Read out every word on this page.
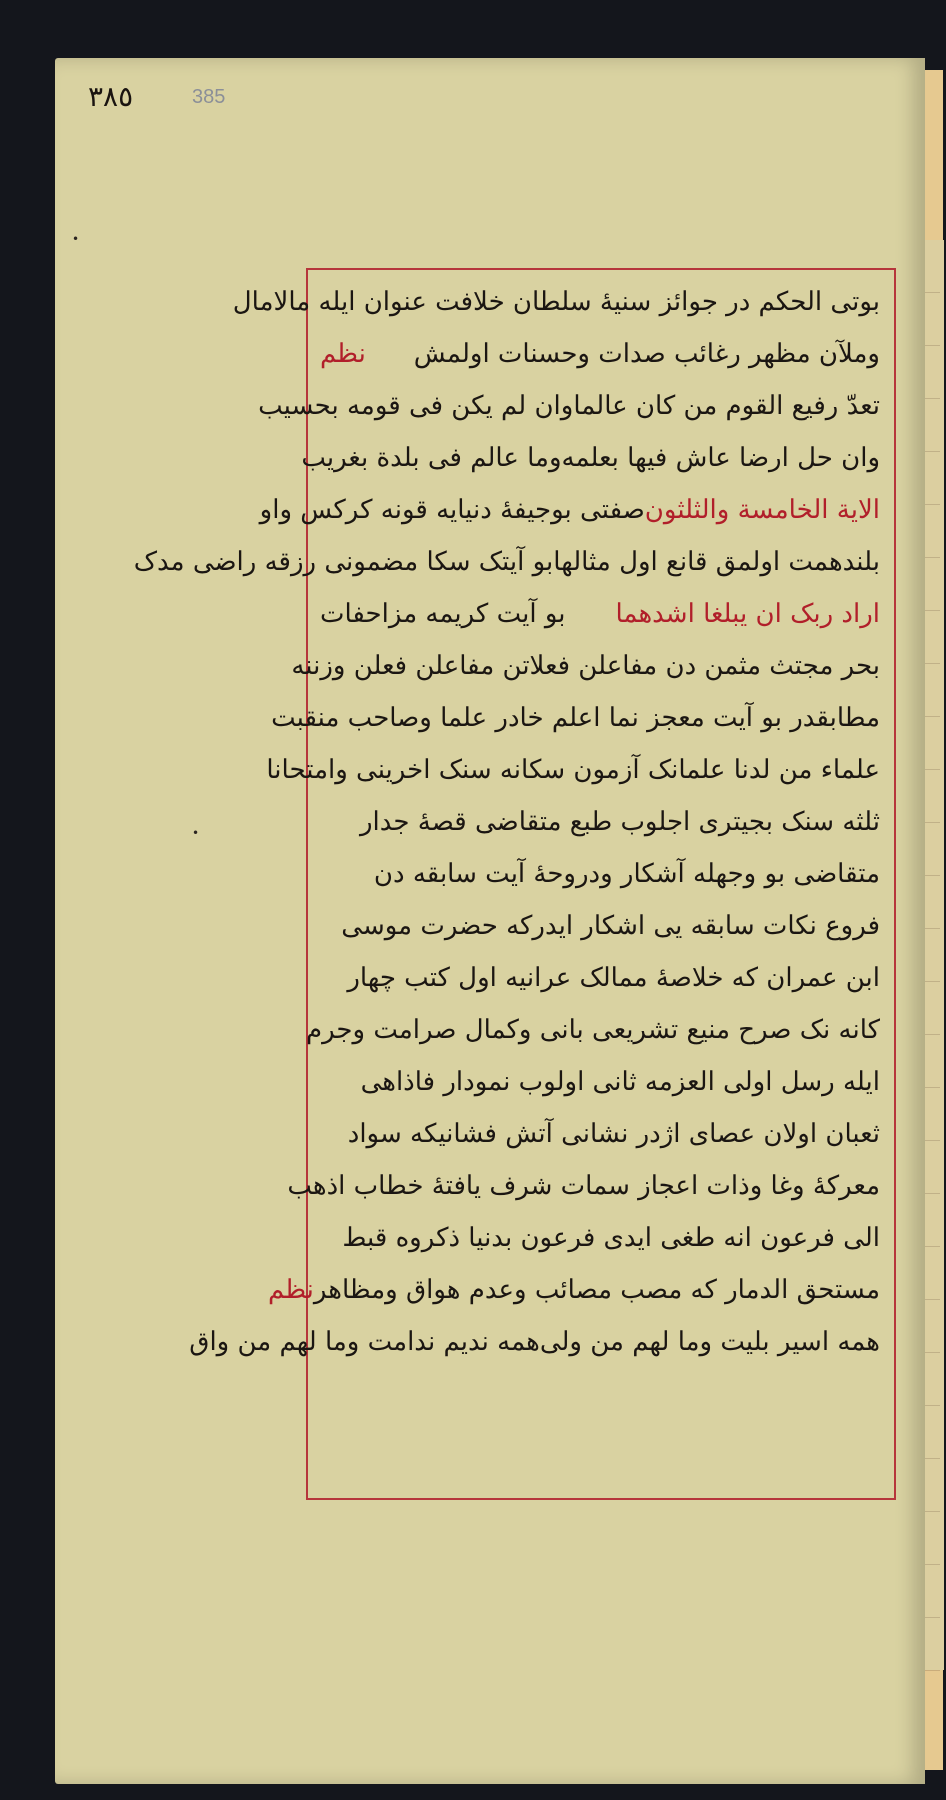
٣٨٥	385
•
•
بوتی الحکم در جوائز سنیهٔ سلطان خلافت عنوان ایله مالامال
وملآن مظهر رغائب صدات وحسنات اولمش
نظم
تعدّ رفیع القوم من کان عالما
وان لم یکن فی قومه بحسیب
وان حل ارضا عاش فیها بعلمه
وما عالم فی بلدة بغریب
الایة الخامسة والثلثون
صفتی بوجیفهٔ دنیایه قونه کرکس واو
بلندهمت اولمق قانع اول مثالها
بو آیتک سکا مضمونی رزقه راضی مدک
اراد ربک ان یبلغا اشدهما
بو آیت کریمه مزاحفات
بحر مجتث مثمن دن مفاعلن فعلاتن مفاعلن فعلن وزننه
مطابقدر بو آیت معجز نما اعلم خادر علما وصاحب منقبت
علماء من لدنا علمانک آزمون سکانه سنک اخرینی وامتحانا
ثلثه سنک بجیتری اجلوب طبع متقاضی قصهٔ جدار
متقاضی بو وجهله آشکار ودروحهٔ آیت سابقه دن
فروع نکات سابقه یی اشکار ایدرکه حضرت موسی
ابن عمران که خلاصهٔ ممالک عرانیه اول کتب چهار
کانه نک صرح منیع تشریعی بانی وکمال صرامت وجرم
ایله رسل اولی العزمه ثانی اولوب نمودار فاذاهی
ثعبان اولان عصای اژدر نشانی آتش فشانیکه سواد
معرکهٔ وغا وذات اعجاز سمات شرف یافتهٔ خطاب اذهب
الی فرعون انه طغی ایدی فرعون بدنیا ذکروه قبط
مستحق الدمار که مصب مصائب وعدم هواق ومظاهر
نظم
همه اسیر بلیت وما لهم من ولی
همه ندیم ندامت وما لهم من واق
